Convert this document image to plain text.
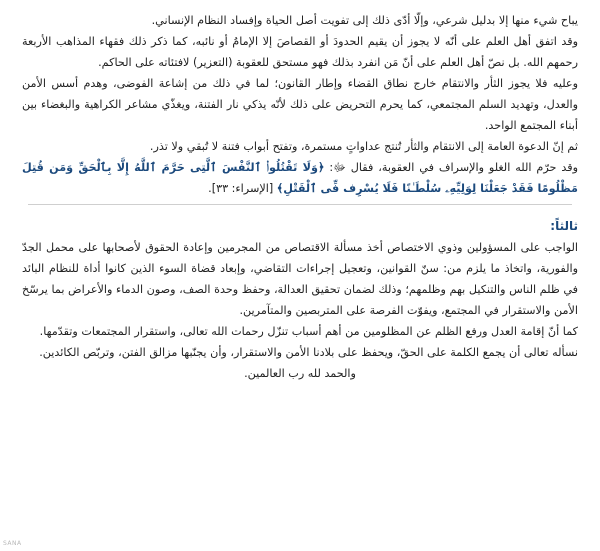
يباح شيء منها إلا بدليل شرعي، وإلّا أدّى ذلك إلى تفويت أصل الحياة وإفساد النظام الإنساني.

وقد اتفق أهل العلم على أنّه لا يجوز أن يقيم الحدودَ أو القصاصَ إلا الإمامُ أو نائبه، كما ذكر ذلك فقهاء المذاهب الأربعة رحمهم الله. بل نصّ أهل العلم على أنّ مَن انفرد بذلك فهو مستحق للعقوبة (التعزير) لافتئاته على الحاكم.

وعليه فلا يجوز الثأر والانتقام خارج نطاق القضاء وإطار القانون؛ لما في ذلك من إشاعة الفوضى، وهدم أسس الأمن والعدل، وتهديد السلم المجتمعي، كما يحرم التحريض على ذلك لأنّه يذكي نار الفتنة، ويغذّي مشاعر الكراهية والبغضاء بين أبناء المجتمع الواحد.

ثم إنّ الدعوة العامة إلى الانتقام والثأر تُنتج عداواتٍ مستمرة، وتفتح أبواب فتنة لا تُبقي ولا تذر.

وقد حرّم الله الغلو والإسراف في العقوبة، فقال ﷻ: ﴿وَلَا تَقْتُلُوا۟ ٱلنَّفْسَ ٱلَّتِى حَرَّمَ ٱللَّهُ إِلَّا بِٱلْحَقِّ وَمَن قُتِلَ مَظْلُومًا فَقَدْ جَعَلْنَا لِوَلِيِّهِۦ سُلْطَـٰنًا فَلَا يُسْرِف فِّى ٱلْقَتْلِ﴾ [الإسراء: ٣٣].

ثالثاً:

الواجب على المسؤولين وذوي الاختصاص أخذ مسألة الاقتصاص من المجرمين وإعادة الحقوق لأصحابها على محمل الجدّ والفورية، واتخاذ ما يلزم من: سنّ القوانين، وتعجيل إجراءات التقاضي، وإبعاد قضاة السوء الذين كانوا أداة للنظام البائد في ظلم الناس والتنكيل بهم وظلمهم؛ وذلك لضمان تحقيق العدالة، وحفظ وحدة الصف، وصون الدماء والأعراض بما يرسّخ الأمن والاستقرار في المجتمع، ويفوّت الفرصة على المتربصين والمتآمرين.

كما أنّ إقامة العدل ورفع الظلم عن المظلومين من أهم أسباب تنزّل رحمات الله تعالى، واستقرار المجتمعات وتقدّمها.

نسأله تعالى أن يجمع الكلمة على الحقّ، ويحفظ على بلادنا الأمن والاستقرار، وأن يجنّبها مزالق الفتن، وتربّص الكائدين.

والحمد لله رب العالمين.

SANA
